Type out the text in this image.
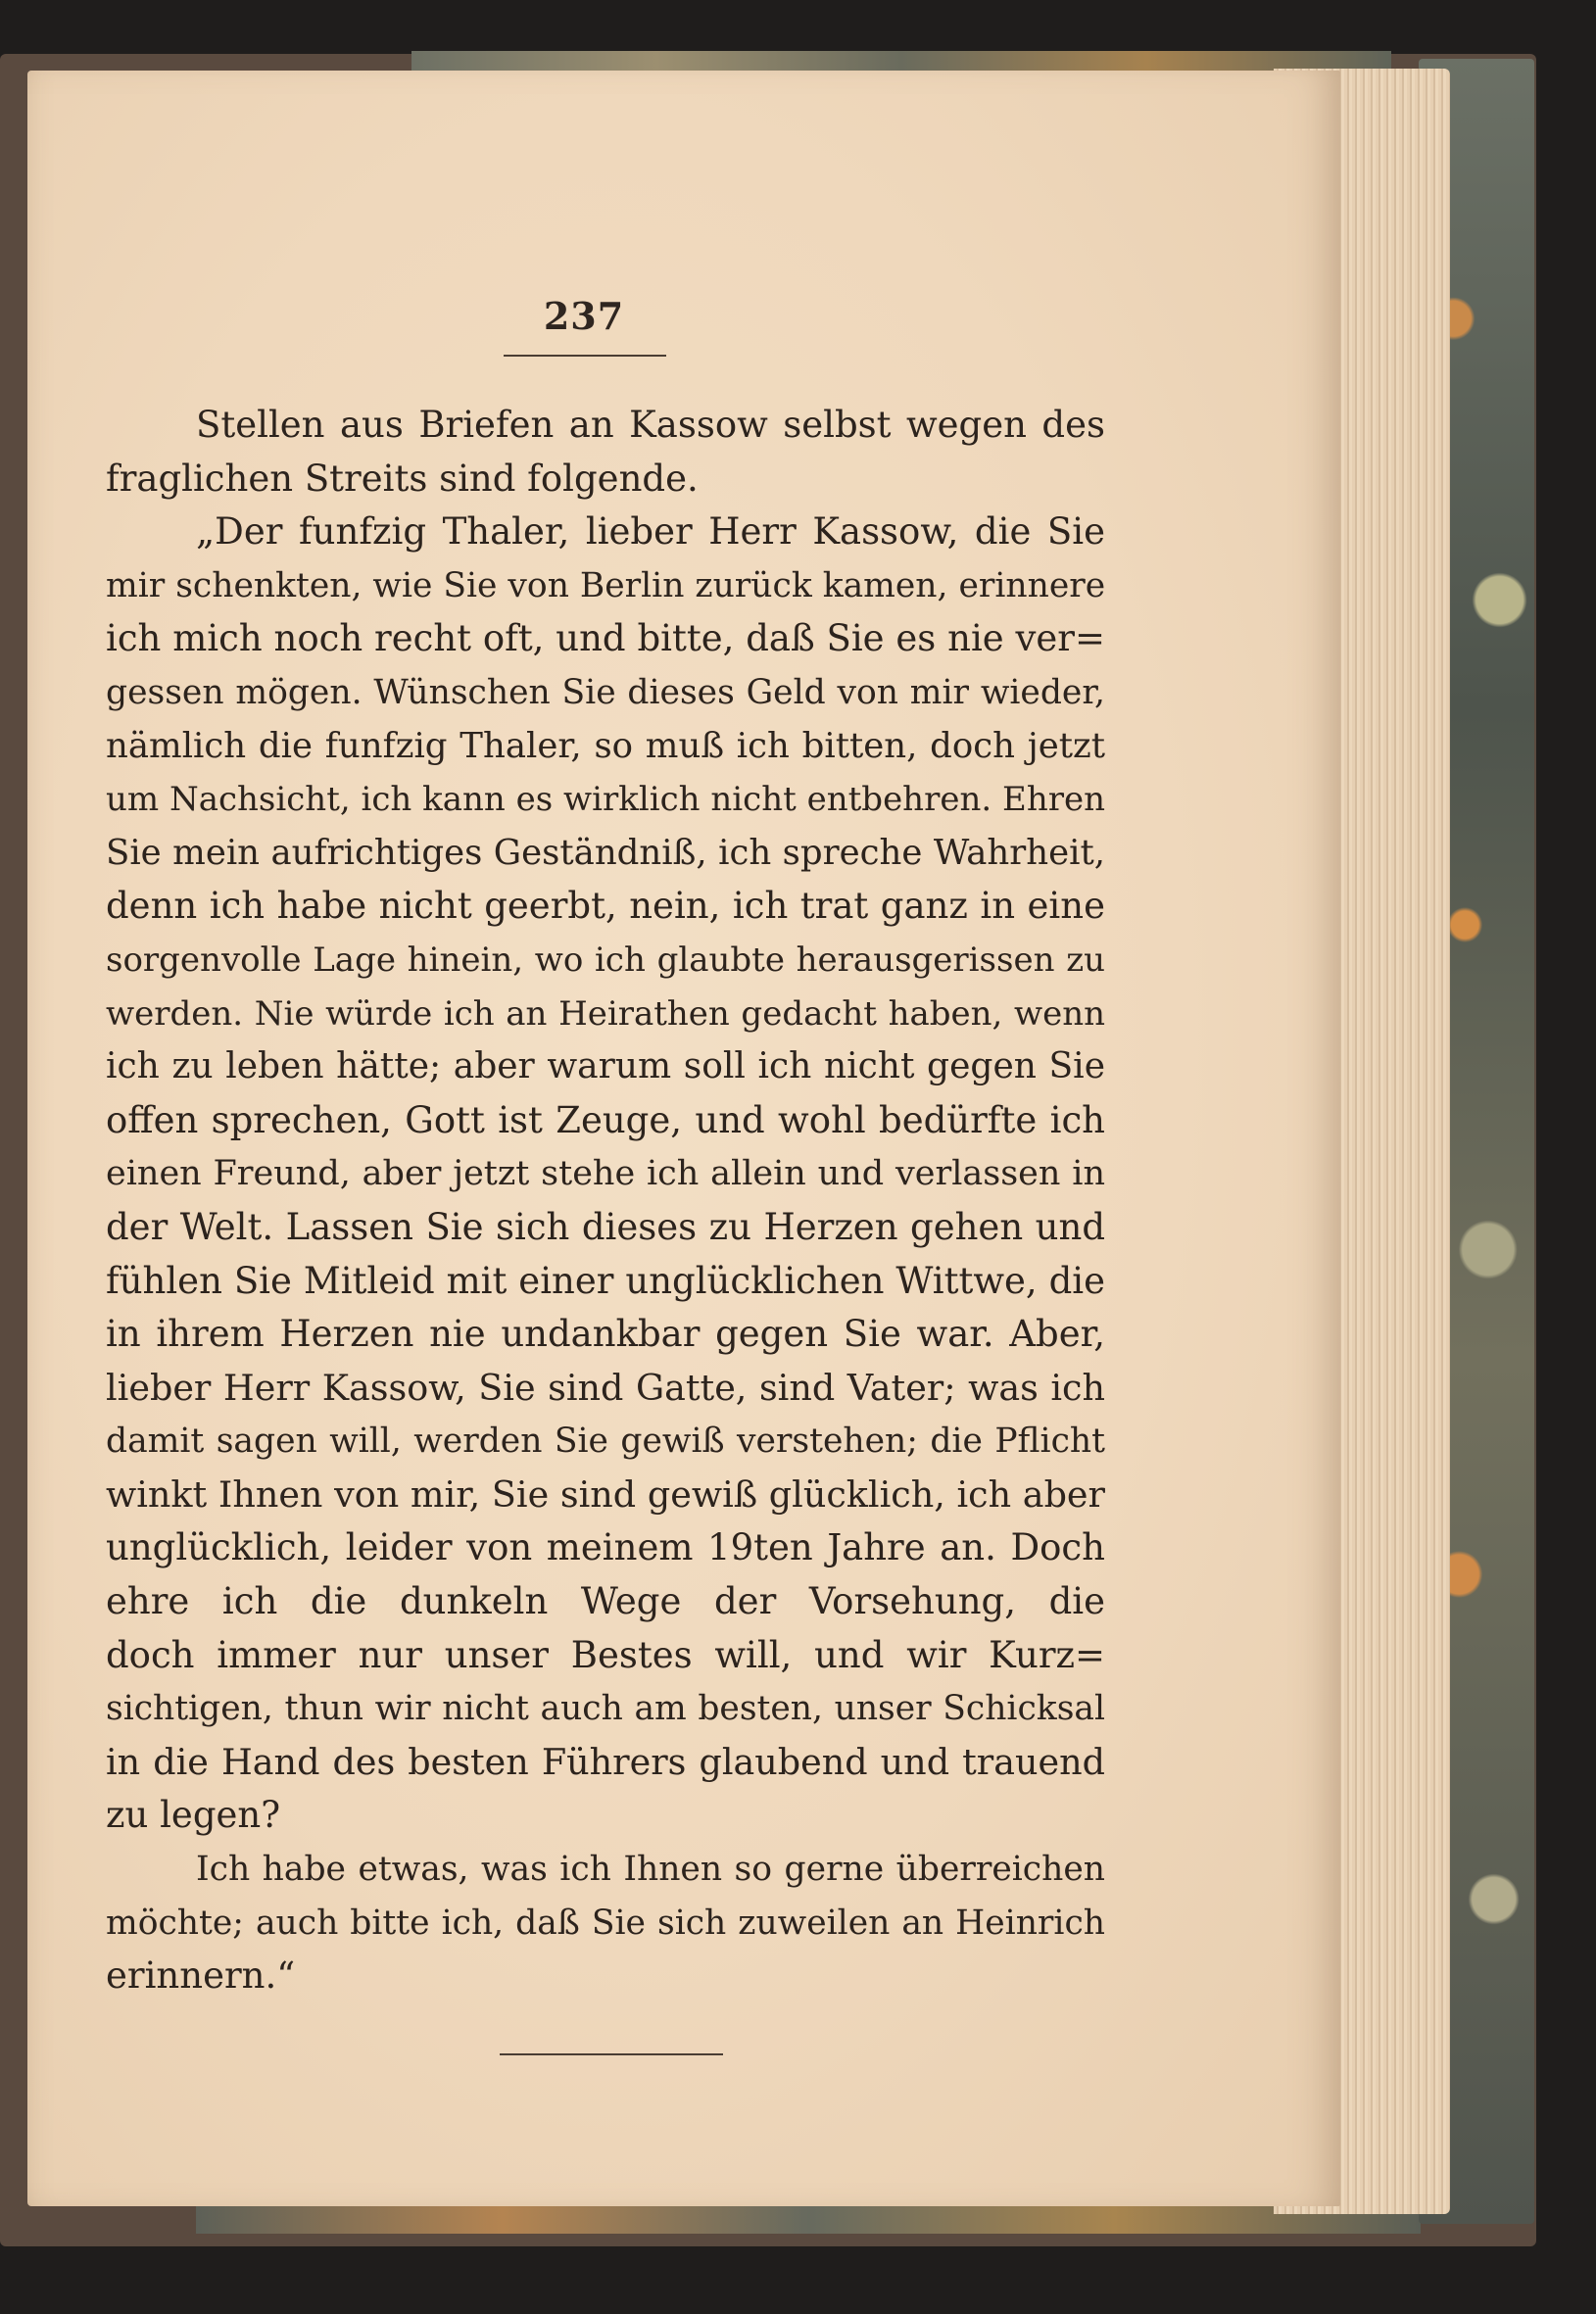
237
Stellen aus Briefen an Kassow selbst wegen des
fraglichen Streits sind folgende.
„Der funfzig Thaler, lieber Herr Kassow, die Sie
mir schenkten, wie Sie von Berlin zurück kamen, erinnere
ich mich noch recht oft, und bitte, daß Sie es nie ver=
gessen mögen. Wünschen Sie dieses Geld von mir wieder,
nämlich die funfzig Thaler, so muß ich bitten, doch jetzt
um Nachsicht, ich kann es wirklich nicht entbehren. Ehren
Sie mein aufrichtiges Geständniß, ich spreche Wahrheit,
denn ich habe nicht geerbt, nein, ich trat ganz in eine
sorgenvolle Lage hinein, wo ich glaubte herausgerissen zu
werden. Nie würde ich an Heirathen gedacht haben, wenn
ich zu leben hätte; aber warum soll ich nicht gegen Sie
offen sprechen, Gott ist Zeuge, und wohl bedürfte ich
einen Freund, aber jetzt stehe ich allein und verlassen in
der Welt. Lassen Sie sich dieses zu Herzen gehen und
fühlen Sie Mitleid mit einer unglücklichen Wittwe, die
in ihrem Herzen nie undankbar gegen Sie war. Aber,
lieber Herr Kassow, Sie sind Gatte, sind Vater; was ich
damit sagen will, werden Sie gewiß verstehen; die Pflicht
winkt Ihnen von mir, Sie sind gewiß glücklich, ich aber
unglücklich, leider von meinem 19ten Jahre an. Doch
ehre ich die dunkeln Wege der Vorsehung, die
doch immer nur unser Bestes will, und wir Kurz=
sichtigen, thun wir nicht auch am besten, unser Schicksal
in die Hand des besten Führers glaubend und trauend
zu legen?
Ich habe etwas, was ich Ihnen so gerne überreichen
möchte; auch bitte ich, daß Sie sich zuweilen an Heinrich
erinnern.“
